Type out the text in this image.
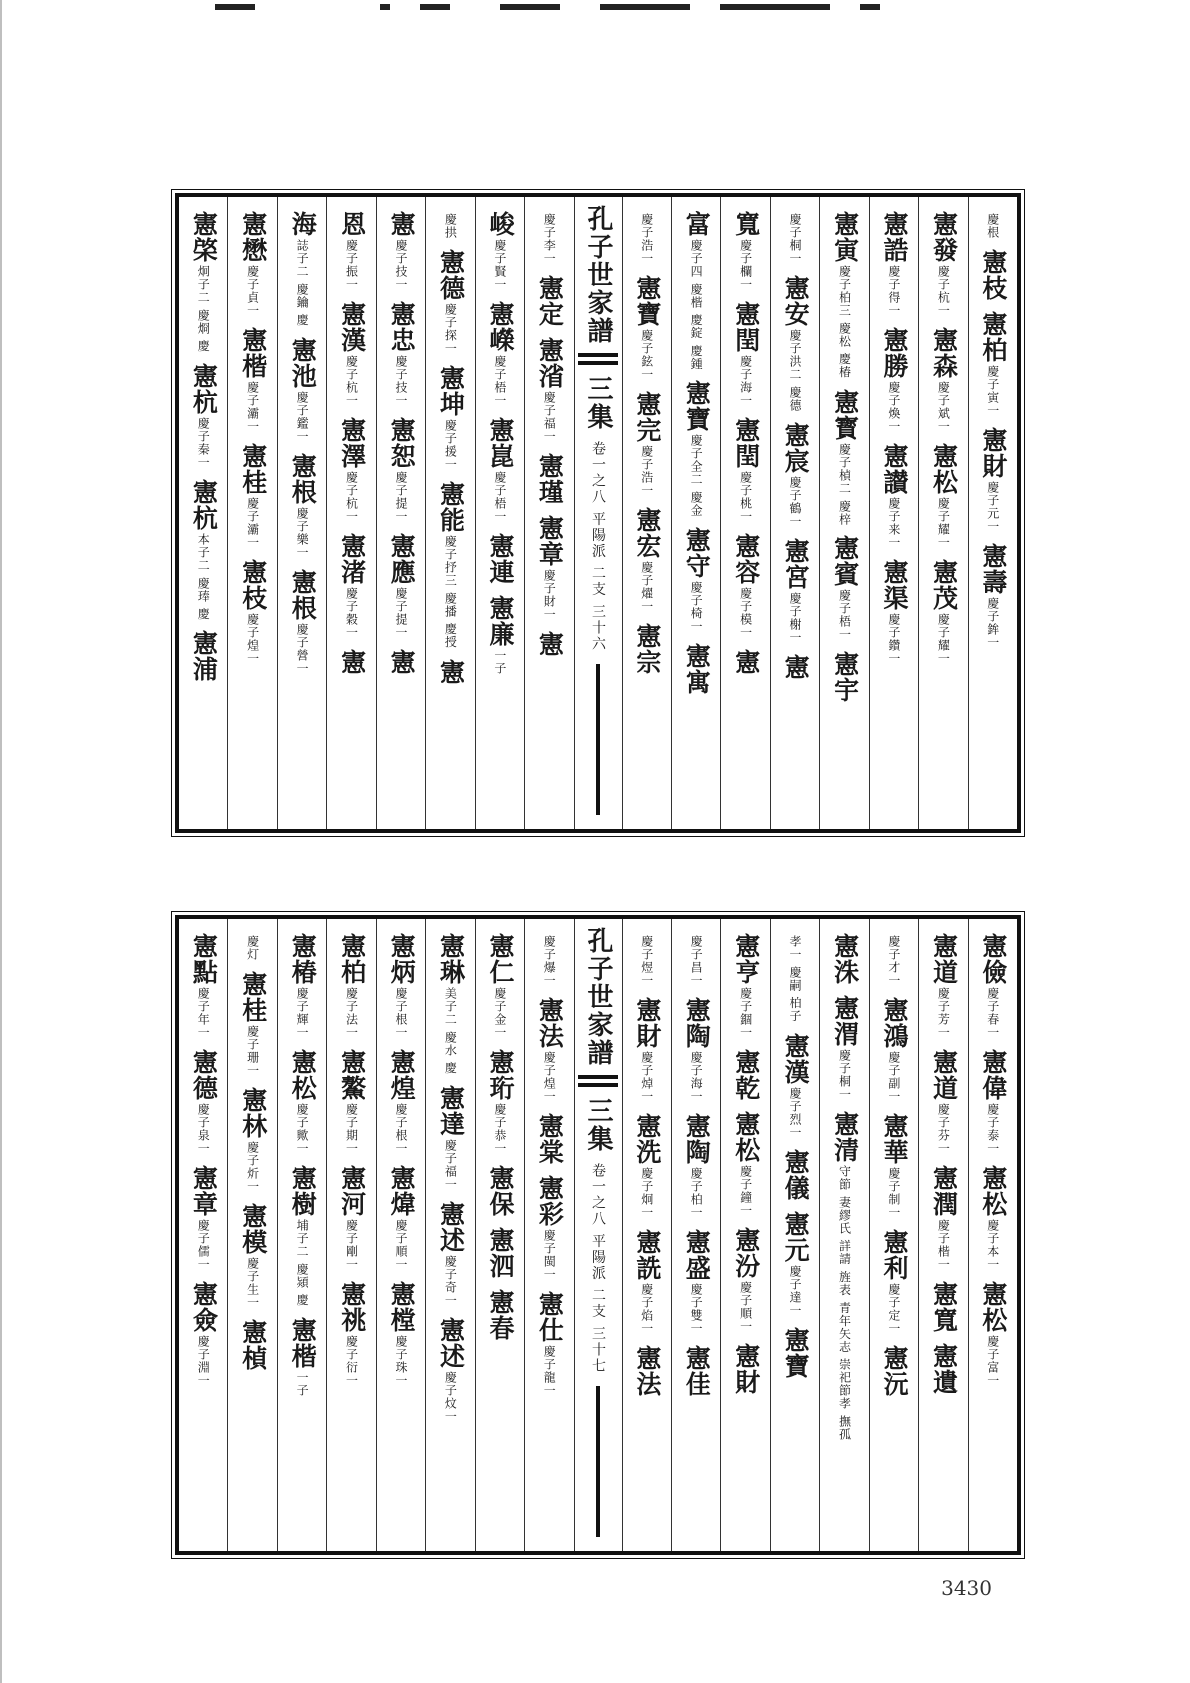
慶根
憲枝
憲柏
慶子寅一
憲財
慶子元一
憲壽
慶子鉾一
憲發
慶子杭一
憲森
慶子斌一
憲松
慶子耀一
憲茂
慶子耀一
憲誥
慶子得一
憲勝
慶子煥一
憲讃
慶子来一
憲渠
慶子鑽一
憲寅
慶子柏三 慶松 慶椿
憲寳
慶子楨二 慶梓
憲賓
慶子梧一
憲宇
慶子桐一
憲安
慶子洪二 慶德
憲宸
慶子鶴一
憲宮
慶子榭一
憲
寬
慶子欄一
憲閏
慶子海一
憲閏
慶子桃一
憲容
慶子模一
憲
富
慶子四 慶楷 慶錠 慶鍾
憲寶
慶子全二 慶金
憲守
慶子椅一
憲寓
慶子浩一
憲寶
慶子鉉一
憲完
慶子浩一
憲宏
慶子燿一
憲宗
孔子世家譜
三集
卷一之八 平陽派 二支 三十六
慶子李一
憲定
憲渻
慶子福一
憲瑾
憲章
慶子財一
憲
峻
慶子賢一
憲嶸
慶子梧一
憲崑
慶子梧一
憲連
憲廉
一子
慶拱
憲德
慶子探一
憲坤
慶子援一
憲能
慶子抒三 慶播 慶授
憲
憲
慶子技一
憲忠
慶子技一
憲恕
慶子提一
憲應
慶子提一
憲
恩
慶子振一
憲漢
慶子杭一
憲澤
慶子杭一
憲渚
慶子穀一
憲
海
誌子二 慶鑰 慶
憲池
慶子鑑一
憲根
慶子樂一
憲根
慶子營一
憲懋
慶子貞一
憲楷
慶子灞一
憲桂
慶子灞一
憲枝
慶子煌一
憲棨
炯子二 慶烱 慶
憲杭
慶子秦一
憲杭
本子二 慶琫 慶
憲浦
憲儉
慶子春一
憲偉
慶子泰一
憲松
慶子本一
憲松
慶子富一
憲道
慶子芳一
憲道
慶子芬一
憲潤
慶子楷一
憲寬
憲遺
慶子才一
憲鴻
慶子副一
憲華
慶子制一
憲利
慶子定一
憲沅
憲洙
憲渭
慶子桐一
憲清
守節 妻繆氏 詳請 旌表 青年矢志 崇祀節孝 撫孤
孝一 慶嗣 柏子
憲漢
慶子烈一
憲儀
憲元
慶子達一
憲寶
憲亨
慶子錮一
憲乾
憲松
慶子鐘一
憲汾
慶子順一
憲財
慶子昌一
憲陶
慶子海一
憲陶
慶子柏一
憲盛
慶子雙一
憲佳
慶子煜一
憲財
慶子焯一
憲洗
慶子炯一
憲詵
慶子焰一
憲法
孔子世家譜
三集
卷一之八 平陽派 二支 三十七
慶子爆一
憲法
慶子煌一
憲棠
憲彩
慶子閩一
憲仕
慶子龍一
憲仁
慶子金一
憲珩
慶子恭一
憲保
憲泗
憲春
憲琳
美子二 慶水 慶
憲達
慶子福一
憲述
慶子奇一
憲述
慶子炆一
憲炳
慶子根一
憲煌
慶子根一
憲煒
慶子順一
憲樘
慶子珠一
憲柏
慶子法一
憲鰲
慶子期一
憲河
慶子剛一
憲祧
慶子衍一
憲椿
慶子輝一
憲松
慶子歟一
憲樹
埔子二 慶熲 慶
憲楷
一子
慶灯
憲桂
慶子珊一
憲林
慶子炘一
憲模
慶子生一
憲楨
憲點
慶子年一
憲德
慶子泉一
憲章
慶子儒一
憲僉
慶子淵一
3430
